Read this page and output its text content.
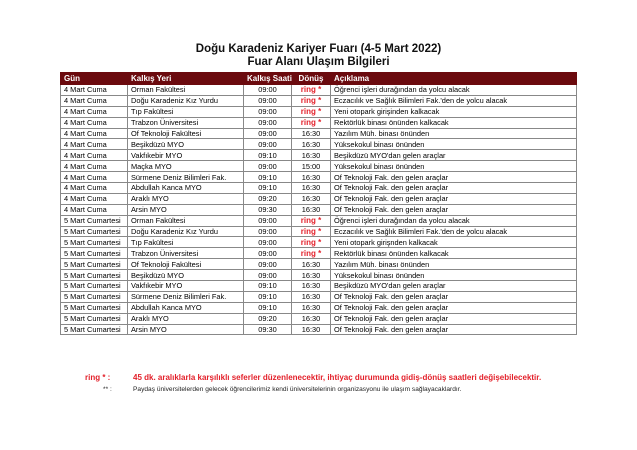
Doğu Karadeniz Kariyer Fuarı (4-5 Mart 2022)
Fuar Alanı Ulaşım Bilgileri
Gün	Kalkış Yeri	Kalkış Saati	Dönüş	Açıklama
4 Mart Cuma	Orman Fakültesi	09:00	ring *	Öğrenci işleri durağından da yolcu alacak
4 Mart Cuma	Doğu Karadeniz Kız Yurdu	09:00	ring *	Eczacılık ve Sağlık Bilimleri Fak.'den de yolcu alacak
4 Mart Cuma	Tıp Fakültesi	09:00	ring *	Yeni otopark girişinden kalkacak
4 Mart Cuma	Trabzon Üniversitesi	09:00	ring *	Rektörlük binası önünden kalkacak
4 Mart Cuma	Of Teknoloji Fakültesi	09:00	16:30	Yazılım Müh. binası önünden
4 Mart Cuma	Beşikdüzü MYO	09:00	16:30	Yüksekokul binası önünden
4 Mart Cuma	Vakfıkebir MYO	09:10	16:30	Beşikdüzü MYO'dan gelen araçlar
4 Mart Cuma	Maçka MYO	09:00	15:00	Yüksekokul binası önünden
4 Mart Cuma	Sürmene Deniz Bilimleri Fak.	09:10	16:30	Of Teknoloji Fak. den gelen araçlar
4 Mart Cuma	Abdullah Kanca MYO	09:10	16:30	Of Teknoloji Fak. den gelen araçlar
4 Mart Cuma	Araklı MYO	09:20	16:30	Of Teknoloji Fak. den gelen araçlar
4 Mart Cuma	Arsin MYO	09:30	16:30	Of Teknoloji Fak. den gelen araçlar
5 Mart Cumartesi	Orman Fakültesi	09:00	ring *	Öğrenci işleri durağından da yolcu alacak
5 Mart Cumartesi	Doğu Karadeniz Kız Yurdu	09:00	ring *	Eczacılık ve Sağlık Bilimleri Fak.'den de yolcu alacak
5 Mart Cumartesi	Tıp Fakültesi	09:00	ring *	Yeni otopark girişnden kalkacak
5 Mart Cumartesi	Trabzon Üniversitesi	09:00	ring *	Rektörlük binası önünden kalkacak
5 Mart Cumartesi	Of Teknoloji Fakültesi	09:00	16:30	Yazılım Müh. binası önünden
5 Mart Cumartesi	Beşikdüzü MYO	09:00	16:30	Yüksekokul binası önünden
5 Mart Cumartesi	Vakfıkebir MYO	09:10	16:30	Beşikdüzü MYO'dan gelen araçlar
5 Mart Cumartesi	Sürmene Deniz Bilimleri Fak.	09:10	16:30	Of Teknoloji Fak. den gelen araçlar
5 Mart Cumartesi	Abdullah Kanca MYO	09:10	16:30	Of Teknoloji Fak. den gelen araçlar
5 Mart Cumartesi	Araklı MYO	09:20	16:30	Of Teknoloji Fak. den gelen araçlar
5 Mart Cumartesi	Arsin MYO	09:30	16:30	Of Teknoloji Fak. den gelen araçlar
ring * :	45 dk. aralıklarla karşılıklı seferler düzenlenecektir, ihtiyaç durumunda gidiş-dönüş saatleri değişebilecektir.
** :	Paydaş üniversitelerden gelecek öğrencilerimiz kendi üniversitelerinin organizasyonu ile ulaşım sağlayacaklardır.
